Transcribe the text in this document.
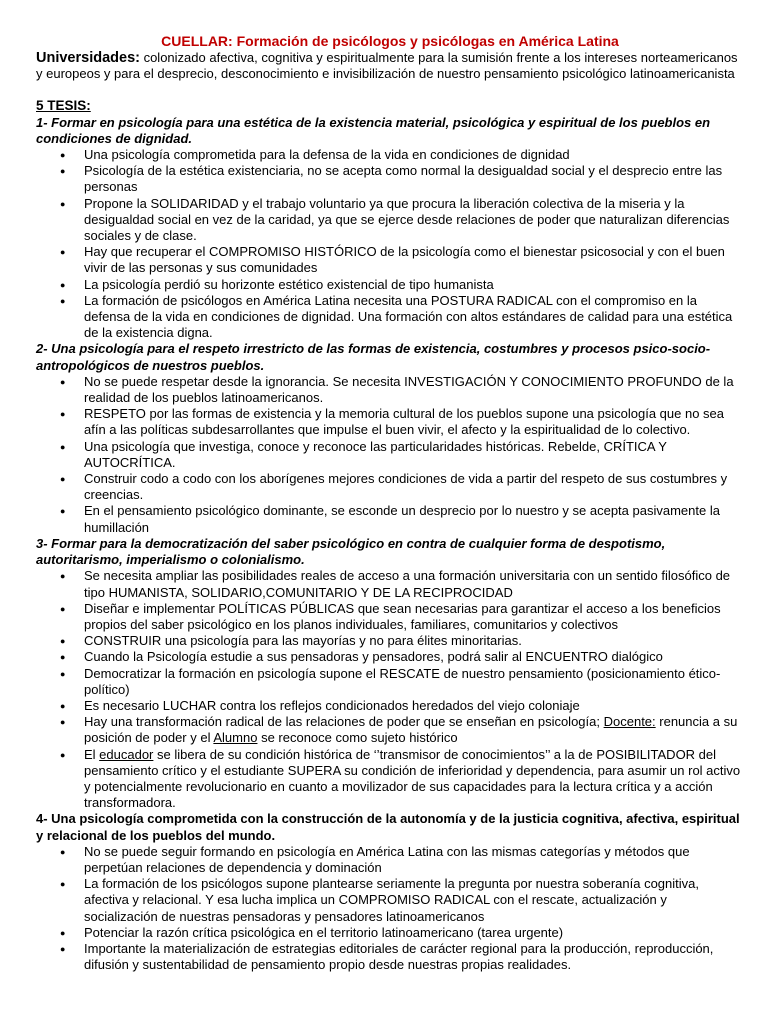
CUELLAR: Formación de psicólogos y psicólogas en América Latina

Universidades: colonizado afectiva, cognitiva y espiritualmente para la sumisión frente a los intereses norteamericanos y europeos y para el desprecio, desconocimiento e invisibilización de nuestro pensamiento psicológico latinoamericanista

5 TESIS:

1- Formar en psicología para una estética de la existencia material, psicológica y espiritual de los pueblos en condiciones de dignidad.

● Una psicología comprometida para la defensa de la vida en condiciones de dignidad
● Psicología de la estética existenciaria, no se acepta como normal la desigualdad social y el desprecio entre las personas
● Propone la SOLIDARIDAD y el trabajo voluntario ya que procura la liberación colectiva de la miseria y la desigualdad social en vez de la caridad, ya que se ejerce desde relaciones de poder que naturalizan diferencias sociales y de clase.
● Hay que recuperar el COMPROMISO HISTÓRICO de la psicología como el bienestar psicosocial y con el buen vivir de las personas y sus comunidades
● La psicología perdió su horizonte estético existencial de tipo humanista
● La formación de psicólogos en América Latina necesita una POSTURA RADICAL con el compromiso en la defensa de la vida en condiciones de dignidad. Una formación con altos estándares de calidad para una estética de la existencia digna.

2- Una psicología para el respeto irrestricto de las formas de existencia, costumbres y procesos psico-socio-antropológicos de nuestros pueblos.

● No se puede respetar desde la ignorancia. Se necesita INVESTIGACIÓN Y CONOCIMIENTO PROFUNDO de la realidad de los pueblos latinoamericanos.
● RESPETO por las formas de existencia y la memoria cultural de los pueblos supone una psicología que no sea afín a las políticas subdesarrollantes que impulse el buen vivir, el afecto y la espiritualidad de lo colectivo.
● Una psicología que investiga, conoce y reconoce las particularidades históricas. Rebelde, CRÍTICA Y AUTOCRÍTICA.
● Construir codo a codo con los aborígenes mejores condiciones de vida a partir del respeto de sus costumbres y creencias.
● En el pensamiento psicológico dominante, se esconde un desprecio por lo nuestro y se acepta pasivamente la humillación

3- Formar para la democratización del saber psicológico en contra de cualquier forma de despotismo, autoritarismo, imperialismo o colonialismo.

● Se necesita ampliar las posibilidades reales de acceso a una formación universitaria con un sentido filosófico de tipo HUMANISTA, SOLIDARIO,COMUNITARIO Y DE LA RECIPROCIDAD
● Diseñar e implementar POLÍTICAS PÚBLICAS que sean necesarias para garantizar el acceso a los beneficios propios del saber psicológico en los planos individuales, familiares, comunitarios y colectivos
● CONSTRUIR una psicología para las mayorías y no para élites minoritarias.
● Cuando la Psicología estudie a sus pensadoras y pensadores, podrá salir al ENCUENTRO dialógico
● Democratizar la formación en psicología supone el RESCATE de nuestro pensamiento (posicionamiento ético-político)
● Es necesario LUCHAR contra los reflejos condicionados heredados del viejo coloniaje
● Hay una transformación radical de las relaciones de poder que se enseñan en psicología; Docente: renuncia a su posición de poder y el Alumno se reconoce como sujeto histórico
● El educador se libera de su condición histórica de ‘’transmisor de conocimientos’’ a la de POSIBILITADOR del pensamiento crítico y el estudiante SUPERA su condición de inferioridad y dependencia, para asumir un rol activo y potencialmente revolucionario en cuanto a movilizador de sus capacidades para la lectura crítica y a acción transformadora.

4- Una psicología comprometida con la construcción de la autonomía y de la justicia cognitiva, afectiva, espiritual y relacional de los pueblos del mundo.

● No se puede seguir formando en psicología en América Latina con las mismas categorías y métodos que perpetúan relaciones de dependencia y dominación
● La formación de los psicólogos supone plantearse seriamente la pregunta por nuestra soberanía cognitiva, afectiva y relacional. Y esa lucha implica un COMPROMISO RADICAL con el rescate, actualización y socialización de nuestras pensadoras y pensadores latinoamericanos
● Potenciar la razón crítica psicológica en el territorio latinoamericano (tarea urgente)
● Importante la materialización de estrategias editoriales de carácter regional para la producción, reproducción, difusión y sustentabilidad de pensamiento propio desde nuestras propias realidades.
